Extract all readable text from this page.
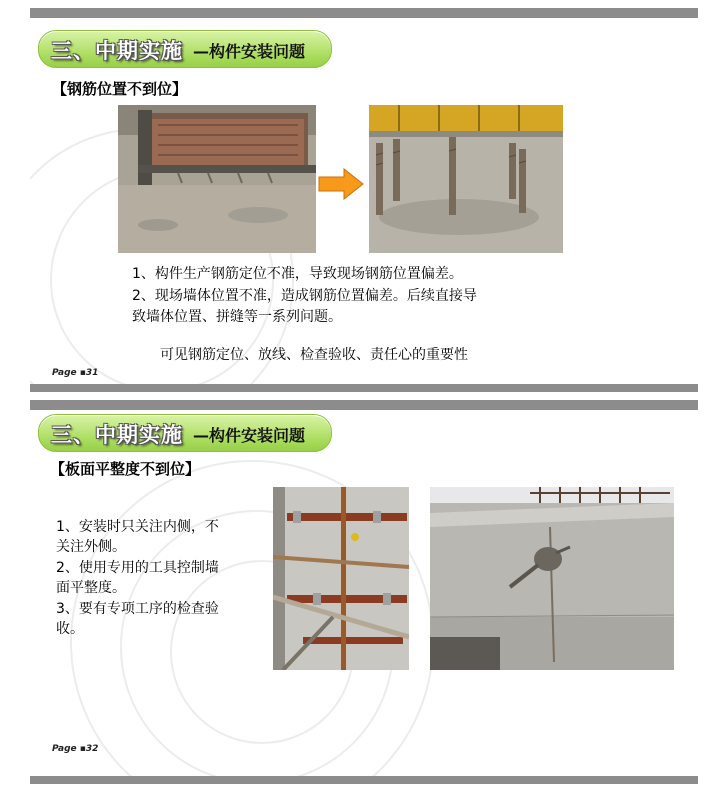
三、中期实施 —构件安装问题
【钢筋位置不到位】
1、构件生产钢筋定位不准，导致现场钢筋位置偏差。
2、现场墙体位置不准，造成钢筋位置偏差。后续直接导
致墙体位置、拼缝等一系列问题。
可见钢筋定位、放线、检查验收、责任心的重要性
Page ▪31
三、中期实施 —构件安装问题
【板面平整度不到位】
1、安装时只关注内侧，不
关注外侧。
2、使用专用的工具控制墙
面平整度。
3、要有专项工序的检查验
收。
Page ▪32
